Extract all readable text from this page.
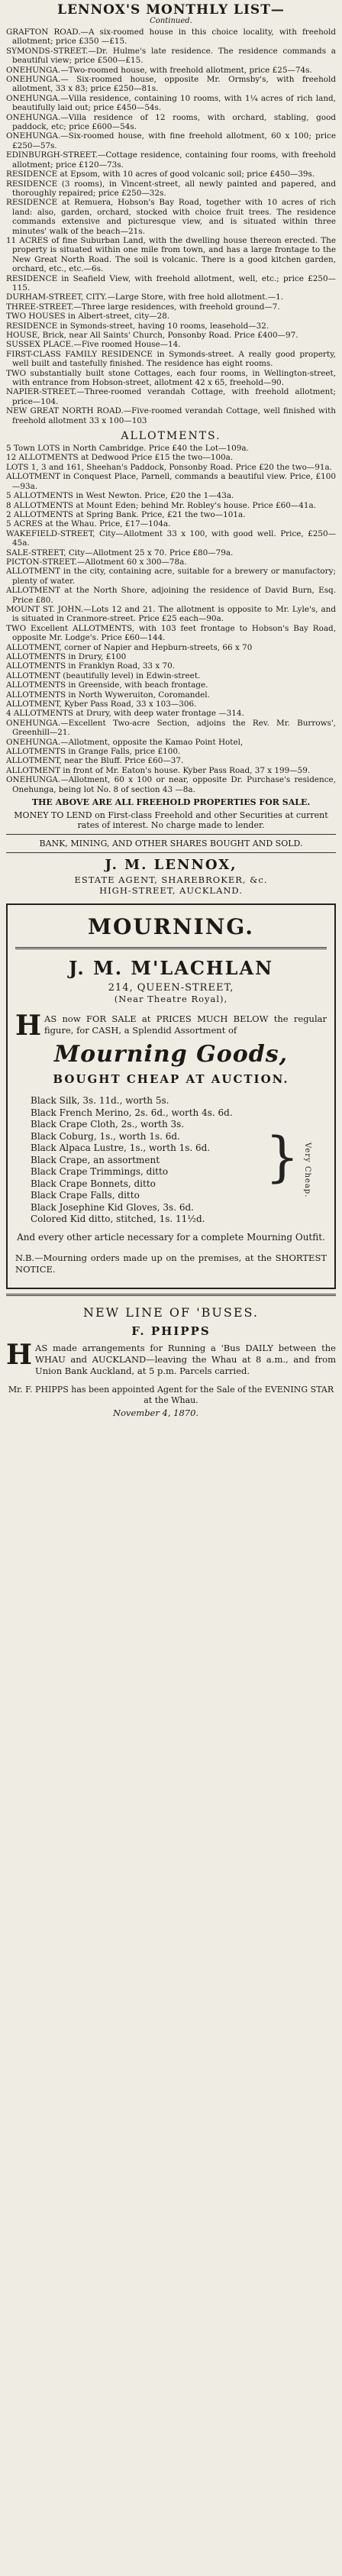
LENNOX'S MONTHLY LIST—
Continued.

GRAFTON ROAD.—A six-roomed house in this choice locality, with freehold allotment; price £350 —£15.

SYMONDS-STREET.—Dr. Hulme's late residence. The residence commands a beautiful view; price £500—£15.

ONEHUNGA.—Two-roomed house, with freehold allotment, price £25—74s.

ONEHUNGA.— Six-roomed house, opposite Mr. Ormsby's, with freehold allotment, 33 x 83; price £250—81s.

ONEHUNGA.—Villa residence, containing 10 rooms, with 1¼ acres of rich land, beautifully laid out; price £450—54s.

ONEHUNGA.—Villa residence of 12 rooms, with orchard, stabling, good paddock, etc; price £600—54s.

ONEHUNGA.—Six-roomed house, with fine freehold allotment, 60 x 100; price £250—57s.

EDINBURGH-STREET.—Cottage residence, containing four rooms, with freehold allotment; price £120—73s.

RESIDENCE at Epsom, with 10 acres of good volcanic soil; price £450—39s.

RESIDENCE (3 rooms), in Vincent-street, all newly painted and papered, and thoroughly repaired; price £250—32s.

RESIDENCE at Remuera, Hobson's Bay Road, together with 10 acres of rich land: also, garden, orchard, stocked with choice fruit trees. The residence commands extensive and picturesque view, and is situated within three minutes' walk of the beach—21s.

11 ACRES of fine Suburban Land, with the dwelling house thereon erected. The property is situated within one mile from town, and has a large frontage to the New Great North Road. The soil is volcanic. There is a good kitchen garden, orchard, etc., etc.—6s.

RESIDENCE in Seafield View, with freehold allotment, well, etc.; price £250—115.

DURHAM-STREET, CITY.—Large Store, with free hold allotment.—1.

THREE-STREET.—Three large residences, with freehold ground—7.

TWO HOUSES in Albert-street, city—28.

RESIDENCE in Symonds-street, having 10 rooms, leasehold—32.

HOUSE, Brick, near All Saints' Church, Ponsonby Road. Price £400—97.

SUSSEX PLACE.—Five roomed House—14.

FIRST-CLASS FAMILY RESIDENCE in Symonds-street. A really good property, well built and tastefully finished. The residence has eight rooms.

TWO substantially built stone Cottages, each four rooms, in Wellington-street, with entrance from Hobson-street, allotment 42 x 65, freehold—90.

NAPIER-STREET.—Three-roomed verandah Cottage, with freehold allotment; price—104.

NEW GREAT NORTH ROAD.—Five-roomed verandah Cottage, well finished with freehold allotment 33 x 100—103

ALLOTMENTS.

5 Town LOTS in North Cambridge. Price £40 the Lot—109a.

12 ALLOTMENTS at Dedwood Price £15 the two—100a.

LOTS 1, 3 and 161, Sheehan's Paddock, Ponsonby Road. Price £20 the two—91a.

ALLOTMENT in Conquest Place, Parnell, commands a beautiful view. Price, £100—93a.

5 ALLOTMENTS in West Newton. Price, £20 the 1—43a.

8 ALLOTMENTS at Mount Eden; behind Mr. Robley's house. Price £60—41a.

2 ALLOTMENTS at Spring Bank. Price, £21 the two—101a.

5 ACRES at the Whau. Price, £17—104a.

WAKEFIELD-STREET, City—Allotment 33 x 100, with good well. Price, £250—45a.

SALE-STREET, City—Allotment 25 x 70. Price £80—79a.

PICTON-STREET.—Allotment 60 x 300—78a.

ALLOTMENT in the city, containing acre, suitable for a brewery or manufactory; plenty of water.

ALLOTMENT at the North Shore, adjoining the residence of David Burn, Esq. Price £80.

MOUNT ST. JOHN.—Lots 12 and 21. The allotment is opposite to Mr. Lyle's, and is situated in Cranmore-street. Price £25 each—90a.

TWO Excellent ALLOTMENTS, with 103 feet frontage to Hobson's Bay Road, opposite Mr. Lodge's. Price £60—144.

ALLOTMENT, corner of Napier and Hepburn-streets, 66 x 70

ALLOTMENTS in Drury, £100

ALLOTMENTS in Franklyn Road, 33 x 70.

ALLOTMENT (beautifully level) in Edwin-street.

ALLOTMENTS in Greenside, with beach frontage.

ALLOTMENTS in North Wyweruiton, Coromandel.

ALLOTMENT, Kyber Pass Road, 33 x 103—306.

4 ALLOTMENTS at Drury, with deep water frontage —314.

ONEHUNGA.—Excellent Two-acre Section, adjoins the Rev. Mr. Burrows', Greenhill—21.

ONEHUNGA.—Allotment, opposite the Kamao Point Hotel,

ALLOTMENTS in Grange Falls, price £100.

ALLOTMENT, near the Bluff. Price £60—37.

ALLOTMENT in front of Mr. Eaton's house. Kyber Pass Road, 37 x 199—59.

ONEHUNGA.—Allotment, 60 x 100 or near, opposite Dr. Purchase's residence, Onehunga, being lot No. 8 of section 43 —8a.

THE ABOVE ARE ALL FREEHOLD PROPERTIES FOR SALE.
MONEY TO LEND on First-class Freehold and other Securities at current rates of interest. No charge made to lender.
BANK, MINING, AND OTHER SHARES BOUGHT AND SOLD.
J. M. LENNOX,
ESTATE AGENT, SHAREBROKER, &c.
HIGH-STREET, AUCKLAND.
MOURNING.
J. M. M'LACHLAN
214, QUEEN-STREET,
(Near Theatre Royal),
H AS now FOR SALE at PRICES MUCH BELOW the regular figure, for CASH, a Splendid Assortment of
Mourning Goods,
BOUGHT CHEAP AT AUCTION.
Black Silk, 3s. 11d., worth 5s.
Black French Merino, 2s. 6d., worth 4s. 6d.
Black Crape Cloth, 2s., worth 3s.
Black Coburg, 1s., worth 1s. 6d.
Black Alpaca Lustre, 1s., worth 1s. 6d.
Black Crape, an assortment
Black Crape Trimmings, ditto
Black Crape Bonnets, ditto
Black Crape Falls, ditto
Black Josephine Kid Gloves, 3s. 6d.
Colored Kid ditto, stitched, 1s. 11½d.
} Very Cheap.
And every other article necessary for a complete Mourning Outfit.
N.B.—Mourning orders made up on the premises, at the SHORTEST NOTICE.
NEW LINE OF 'BUSES.
F. PHIPPS
H AS made arrangements for Running a 'Bus DAILY between the WHAU and AUCKLAND—leaving the Whau at 8 a.m., and from Union Bank Auckland, at 5 p.m. Parcels carried.
Mr. F. PHIPPS has been appointed Agent for the Sale of the EVENING STAR at the Whau.
November 4, 1870.
